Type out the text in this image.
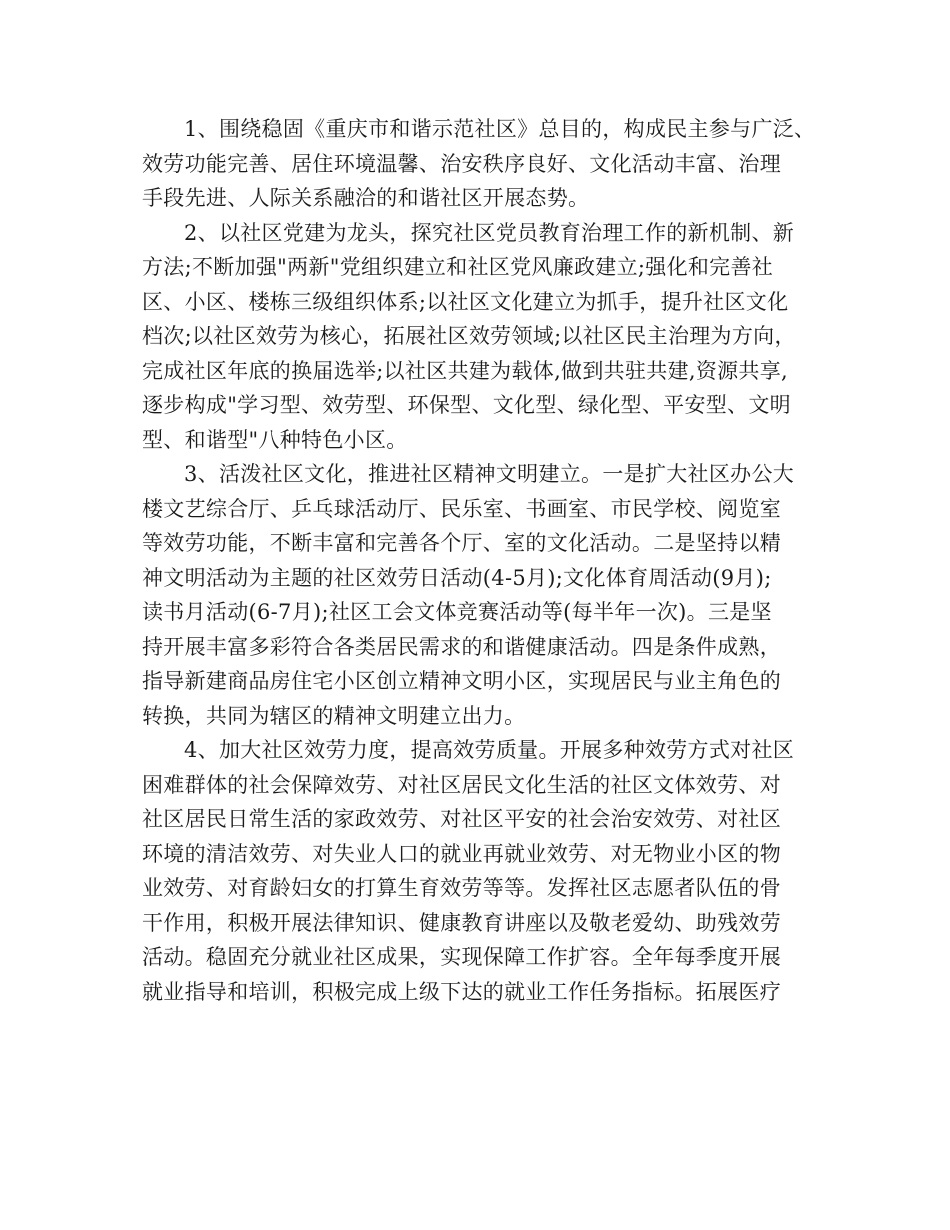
1、围绕稳固《重庆市和谐示范社区》总目的，构成民主参与广泛、
效劳功能完善、居住环境温馨、治安秩序良好、文化活动丰富、治理
手段先进、人际关系融洽的和谐社区开展态势。
2、以社区党建为龙头，探究社区党员教育治理工作的新机制、新
方法;不断加强"两新"党组织建立和社区党风廉政建立;强化和完善社
区、小区、楼栋三级组织体系;以社区文化建立为抓手，提升社区文化
档次;以社区效劳为核心，拓展社区效劳领域;以社区民主治理为方向，
完成社区年底的换届选举;以社区共建为载体,做到共驻共建,资源共享,
逐步构成"学习型、效劳型、环保型、文化型、绿化型、平安型、文明
型、和谐型"八种特色小区。
3、活泼社区文化，推进社区精神文明建立。一是扩大社区办公大
楼文艺综合厅、乒乓球活动厅、民乐室、书画室、市民学校、阅览室
等效劳功能，不断丰富和完善各个厅、室的文化活动。二是坚持以精
神文明活动为主题的社区效劳日活动(4-5月);文化体育周活动(9月);
读书月活动(6-7月);社区工会文体竞赛活动等(每半年一次)。三是坚
持开展丰富多彩符合各类居民需求的和谐健康活动。四是条件成熟，
指导新建商品房住宅小区创立精神文明小区，实现居民与业主角色的
转换，共同为辖区的精神文明建立出力。
4、加大社区效劳力度，提高效劳质量。开展多种效劳方式对社区
困难群体的社会保障效劳、对社区居民文化生活的社区文体效劳、对
社区居民日常生活的家政效劳、对社区平安的社会治安效劳、对社区
环境的清洁效劳、对失业人口的就业再就业效劳、对无物业小区的物
业效劳、对育龄妇女的打算生育效劳等等。发挥社区志愿者队伍的骨
干作用，积极开展法律知识、健康教育讲座以及敬老爱幼、助残效劳
活动。稳固充分就业社区成果，实现保障工作扩容。全年每季度开展
就业指导和培训，积极完成上级下达的就业工作任务指标。拓展医疗
